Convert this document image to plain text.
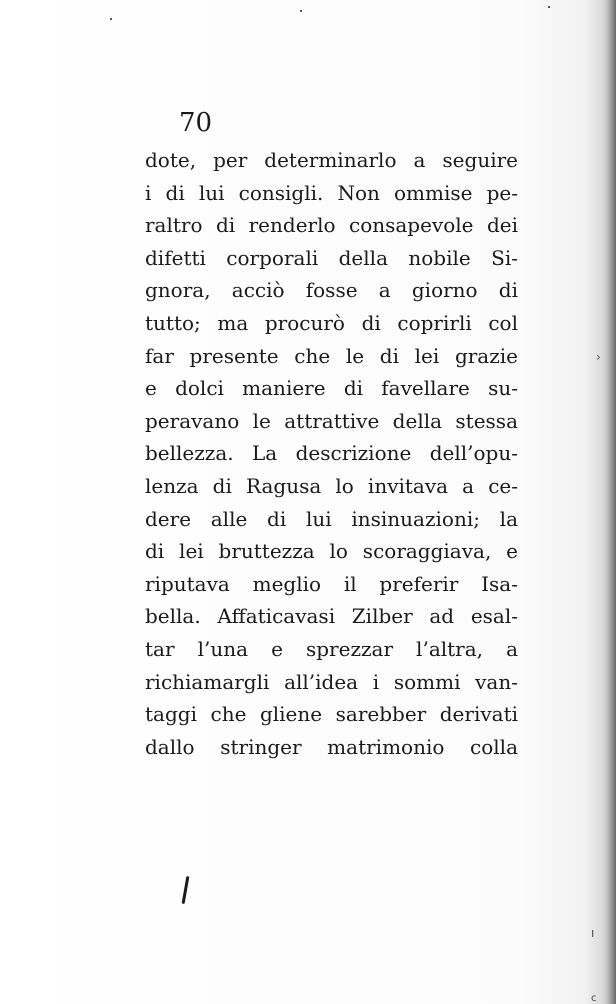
70
dote, per determinarlo a seguire
i di lui consigli. Non ommise pe-
raltro di renderlo consapevole dei
difetti corporali della nobile Si-
gnora, acciò fosse a giorno di
tutto; ma procurò di coprirli col
far presente che le di lei grazie
e dolci maniere di favellare su-
peravano le attrattive della stessa
bellezza. La descrizione dell’opu-
lenza di Ragusa lo invitava a ce-
dere alle di lui insinuazioni; la
di lei bruttezza lo scoraggiava, e
riputava meglio il preferir Isa-
bella. Affaticavasi Zilber ad esal-
tar l’una e sprezzar l’altra, a
richiamargli all’idea i sommi van-
taggi che gliene sarebber derivati
dallo stringer matrimonio colla
›
ı
c
